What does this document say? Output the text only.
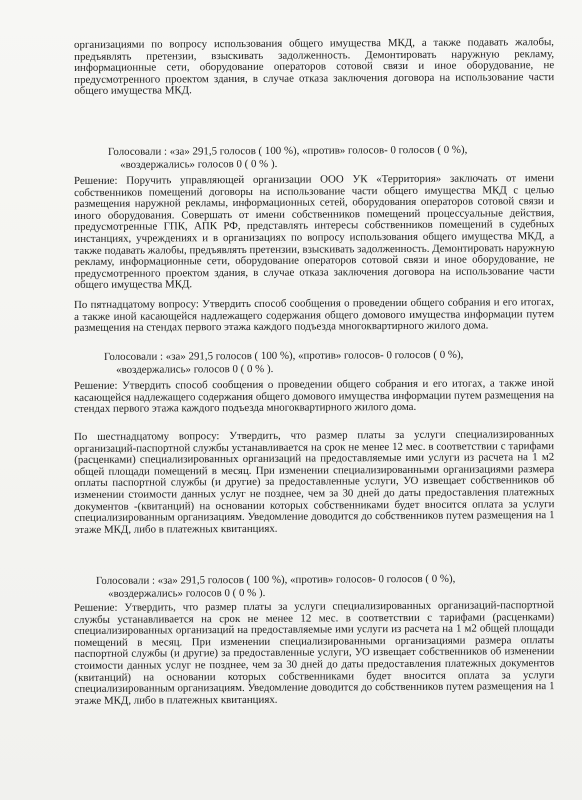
организациями по вопросу использования общего имущества МКД, а также подавать жалобы, предъявлять претензии, взыскивать задолженность. Демонтировать наружную рекламу, информационные сети, оборудование операторов сотовой связи и иное оборудование, не предусмотренного проектом здания, в случае отказа заключения договора на использование части общего имущества МКД.

Голосовали : «за» 291,5 голосов ( 100 %), «против» голосов- 0 голосов ( 0 %),
«воздержались» голосов 0 ( 0 % ).

Решение: Поручить управляющей организации ООО УК «Территория» заключать от имени собственников помещений договоры на использование части общего имущества МКД с целью размещения наружной рекламы, информационных сетей, оборудования операторов сотовой связи и иного оборудования. Совершать от имени собственников помещений процессуальные действия, предусмотренные ГПК, АПК РФ, представлять интересы собственников помещений в судебных инстанциях, учреждениях и в организациях по вопросу использования общего имущества МКД, а также подавать жалобы, предъявлять претензии, взыскивать задолженность. Демонтировать наружную рекламу, информационные сети, оборудование операторов сотовой связи и иное оборудование, не предусмотренного проектом здания, в случае отказа заключения договора на использование части общего имущества МКД.

По пятнадцатому вопросу: Утвердить способ сообщения о проведении общего собрания и его итогах, а также иной касающейся надлежащего содержания общего домового имущества информации путем размещения на стендах первого этажа каждого подъезда многоквартирного жилого дома.

Голосовали : «за» 291,5 голосов ( 100 %), «против» голосов- 0 голосов ( 0 %),
«воздержались» голосов 0 ( 0 % ).

Решение: Утвердить способ сообщения о проведении общего собрания и его итогах, а также иной касающейся надлежащего содержания общего домового имущества информации путем размещения на стендах первого этажа каждого подъезда многоквартирного жилого дома.

По шестнадцатому вопросу: Утвердить, что размер платы за услуги специализированных организаций-паспортной службы устанавливается на срок не менее 12 мес. в соответствии с тарифами (расценками) специализированных организаций на предоставляемые ими услуги из расчета на 1 м2 общей площади помещений в месяц. При изменении специализированными организациями размера оплаты паспортной службы (и другие) за предоставленные услуги, УО извещает собственников об изменении стоимости данных услуг не позднее, чем за 30 дней до даты предоставления платежных документов -(квитанций) на основании которых собственниками будет вносится оплата за услуги специализированным организациям. Уведомление доводится до собственников путем размещения на 1 этаже МКД, либо в платежных квитанциях.

Голосовали : «за» 291,5 голосов ( 100 %), «против» голосов- 0 голосов ( 0 %),
«воздержались» голосов 0 ( 0 % ).

Решение: Утвердить, что размер платы за услуги специализированных организаций-паспортной службы устанавливается на срок не менее 12 мес. в соответствии с тарифами (расценками) специализированных организаций на предоставляемые ими услуги из расчета на 1 м2 общей площади помещений в месяц. При изменении специализированными организациями размера оплаты паспортной службы (и другие) за предоставленные услуги, УО извещает собственников об изменении стоимости данных услуг не позднее, чем за 30 дней до даты предоставления платежных документов (квитанций) на основании которых собственниками будет вносится оплата за услуги специализированным организациям. Уведомление доводится до собственников путем размещения на 1 этаже МКД, либо в платежных квитанциях.
